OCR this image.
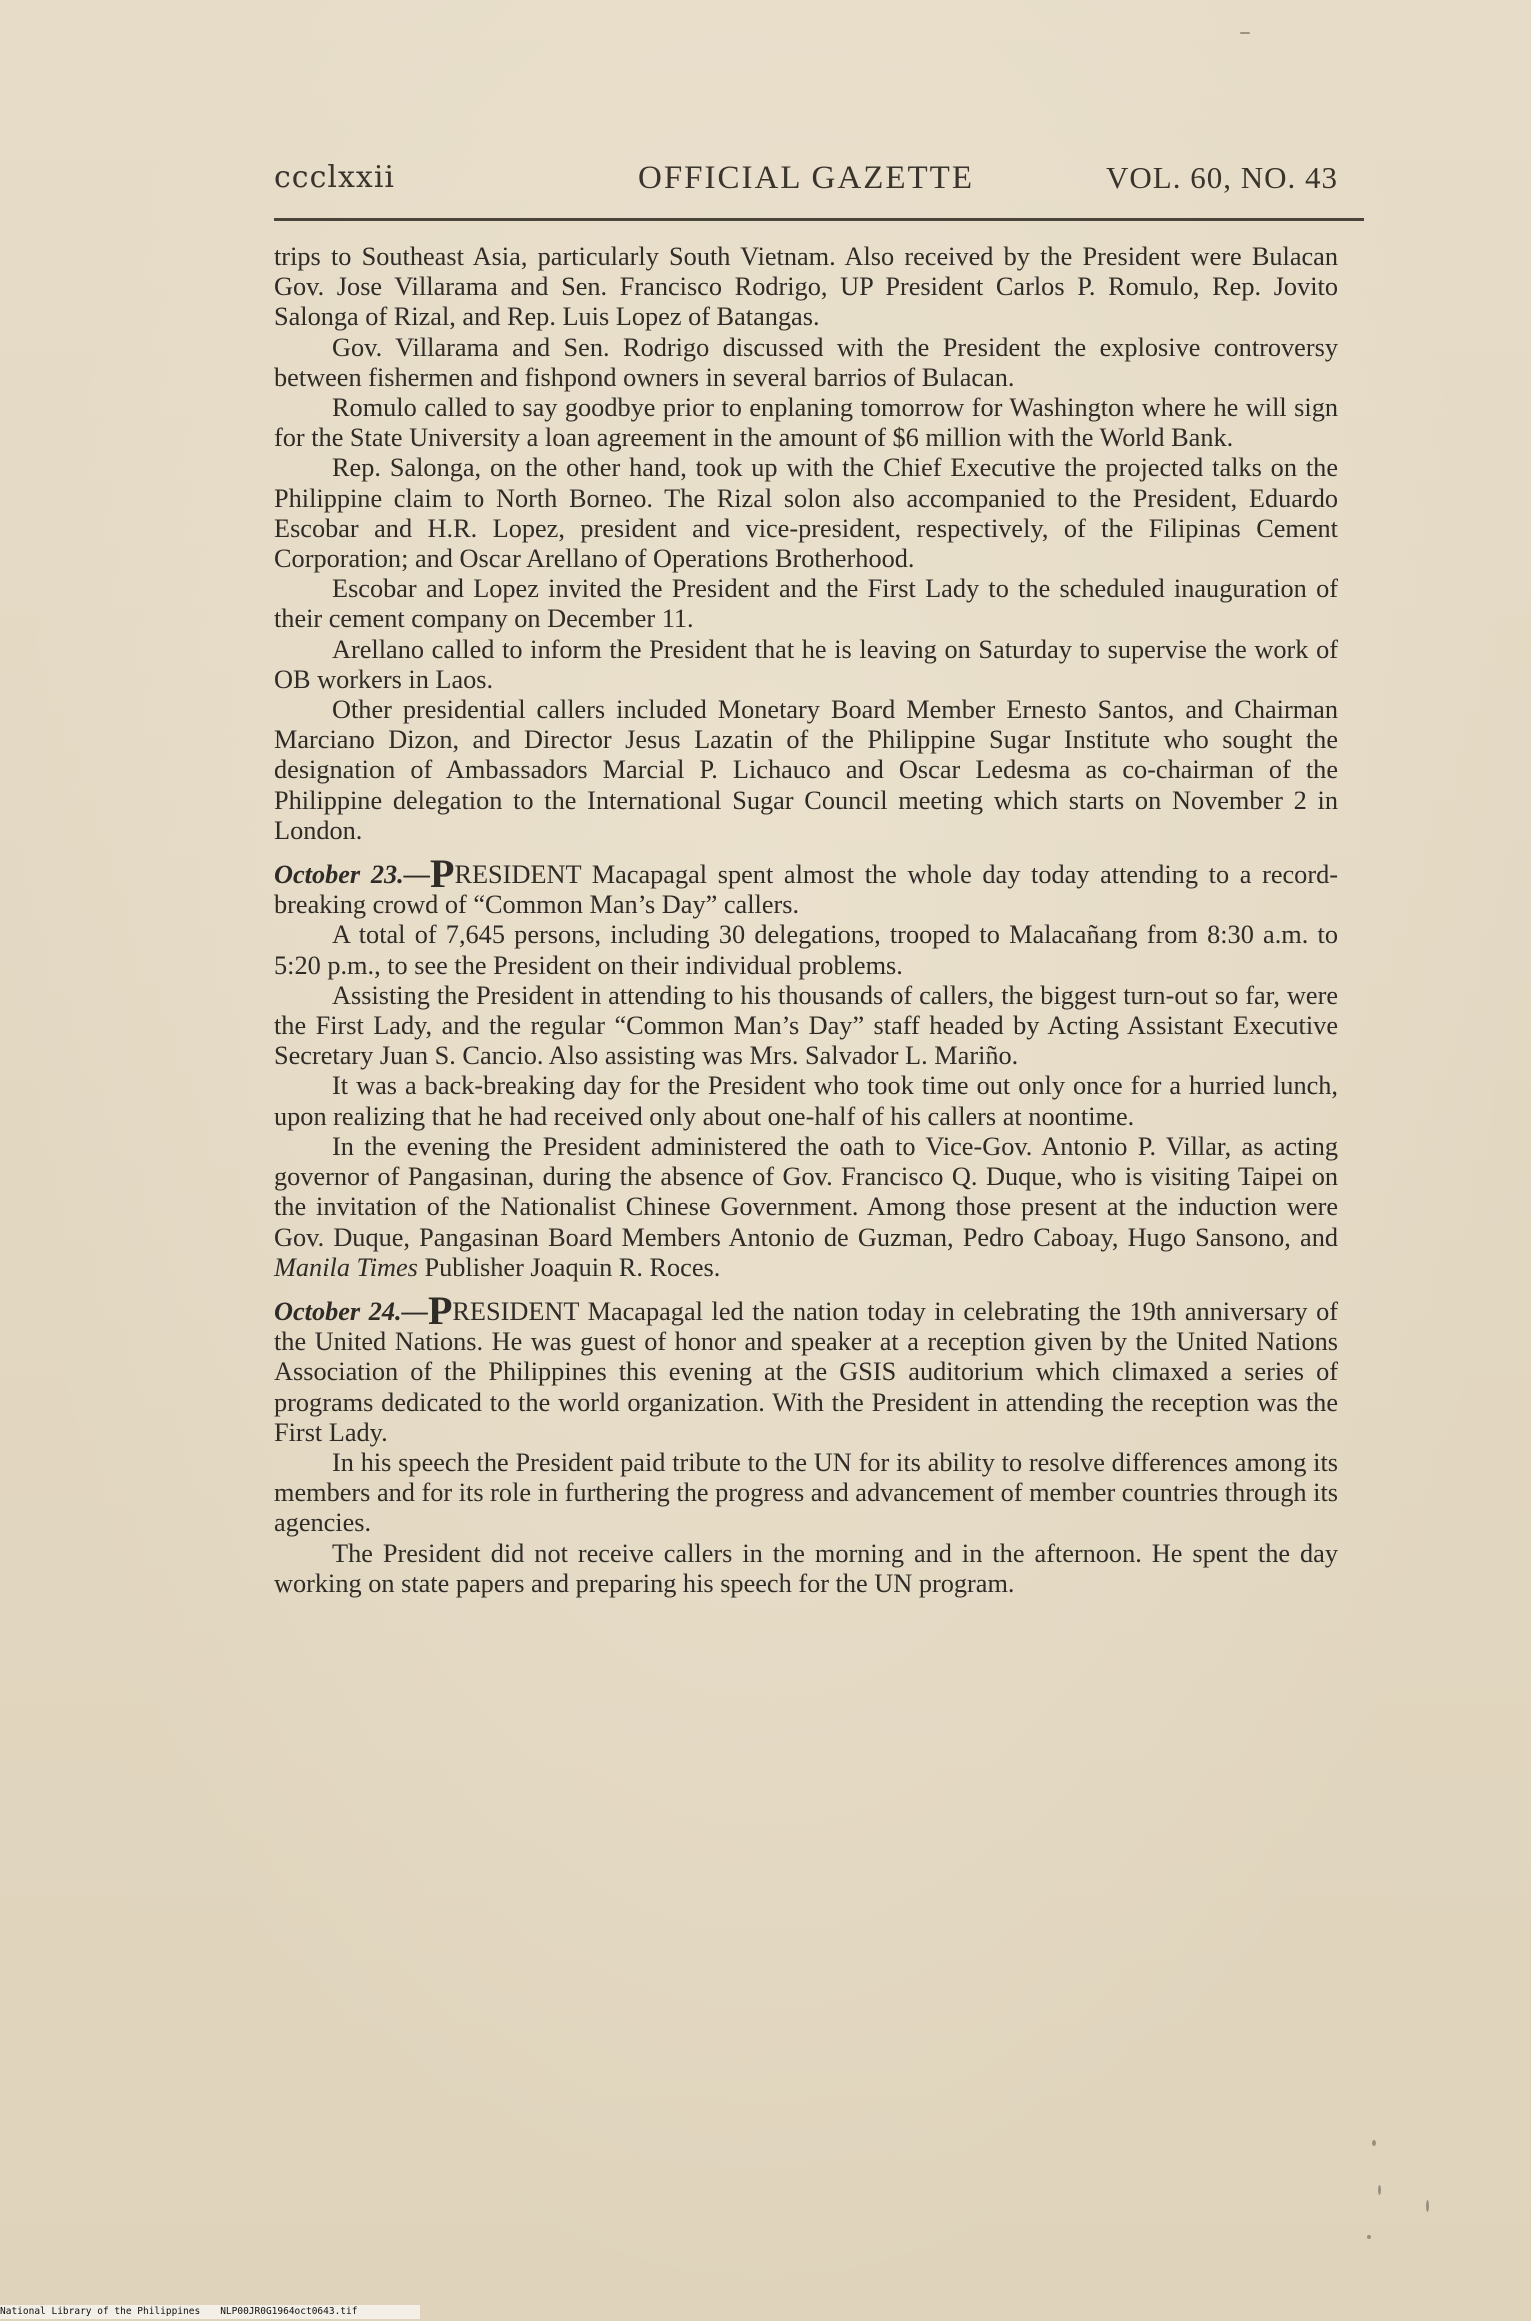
ccclxxii	OFFICIAL GAZETTE	VOL. 60, NO. 43

trips to Southeast Asia, particularly South Vietnam. Also received by the President were Bulacan Gov. Jose Villarama and Sen. Francisco Rodrigo, UP President Carlos P. Romulo, Rep. Jovito Salonga of Rizal, and Rep. Luis Lopez of Batangas.

Gov. Villarama and Sen. Rodrigo discussed with the President the explosive controversy between fishermen and fishpond owners in several barrios of Bulacan.

Romulo called to say goodbye prior to enplaning tomorrow for Washington where he will sign for the State University a loan agreement in the amount of $6 million with the World Bank.

Rep. Salonga, on the other hand, took up with the Chief Executive the projected talks on the Philippine claim to North Borneo. The Rizal solon also accompanied to the President, Eduardo Escobar and H.R. Lopez, president and vice-president, respectively, of the Filipinas Cement Corporation; and Oscar Arellano of Operations Brotherhood.

Escobar and Lopez invited the President and the First Lady to the scheduled inauguration of their cement company on December 11.

Arellano called to inform the President that he is leaving on Saturday to supervise the work of OB workers in Laos.

Other presidential callers included Monetary Board Member Ernesto Santos, and Chairman Marciano Dizon, and Director Jesus Lazatin of the Philippine Sugar Institute who sought the designation of Ambassadors Marcial P. Lichauco and Oscar Ledesma as co-chairman of the Philippine delegation to the International Sugar Council meeting which starts on November 2 in London.

October 23.—PRESIDENT Macapagal spent almost the whole day today attending to a record-breaking crowd of “Common Man’s Day” callers.

A total of 7,645 persons, including 30 delegations, trooped to Malacañang from 8:30 a.m. to 5:20 p.m., to see the President on their individual problems.

Assisting the President in attending to his thousands of callers, the biggest turn-out so far, were the First Lady, and the regular “Common Man’s Day” staff headed by Acting Assistant Executive Secretary Juan S. Cancio. Also assisting was Mrs. Salvador L. Mariño.

It was a back-breaking day for the President who took time out only once for a hurried lunch, upon realizing that he had received only about one-half of his callers at noontime.

In the evening the President administered the oath to Vice-Gov. Antonio P. Villar, as acting governor of Pangasinan, during the absence of Gov. Francisco Q. Duque, who is visiting Taipei on the invitation of the Nationalist Chinese Government. Among those present at the induction were Gov. Duque, Pangasinan Board Members Antonio de Guzman, Pedro Caboay, Hugo Sansono, and Manila Times Publisher Joaquin R. Roces.

October 24.—PRESIDENT Macapagal led the nation today in celebrating the 19th anniversary of the United Nations. He was guest of honor and speaker at a reception given by the United Nations Association of the Philippines this evening at the GSIS auditorium which climaxed a series of programs dedicated to the world organization. With the President in attending the reception was the First Lady.

In his speech the President paid tribute to the UN for its ability to resolve differences among its members and for its role in furthering the progress and advancement of member countries through its agencies.

The President did not receive callers in the morning and in the afternoon. He spent the day working on state papers and preparing his speech for the UN program.

National Library of the Philippines NLP00JR0G1964oct0643.tif
